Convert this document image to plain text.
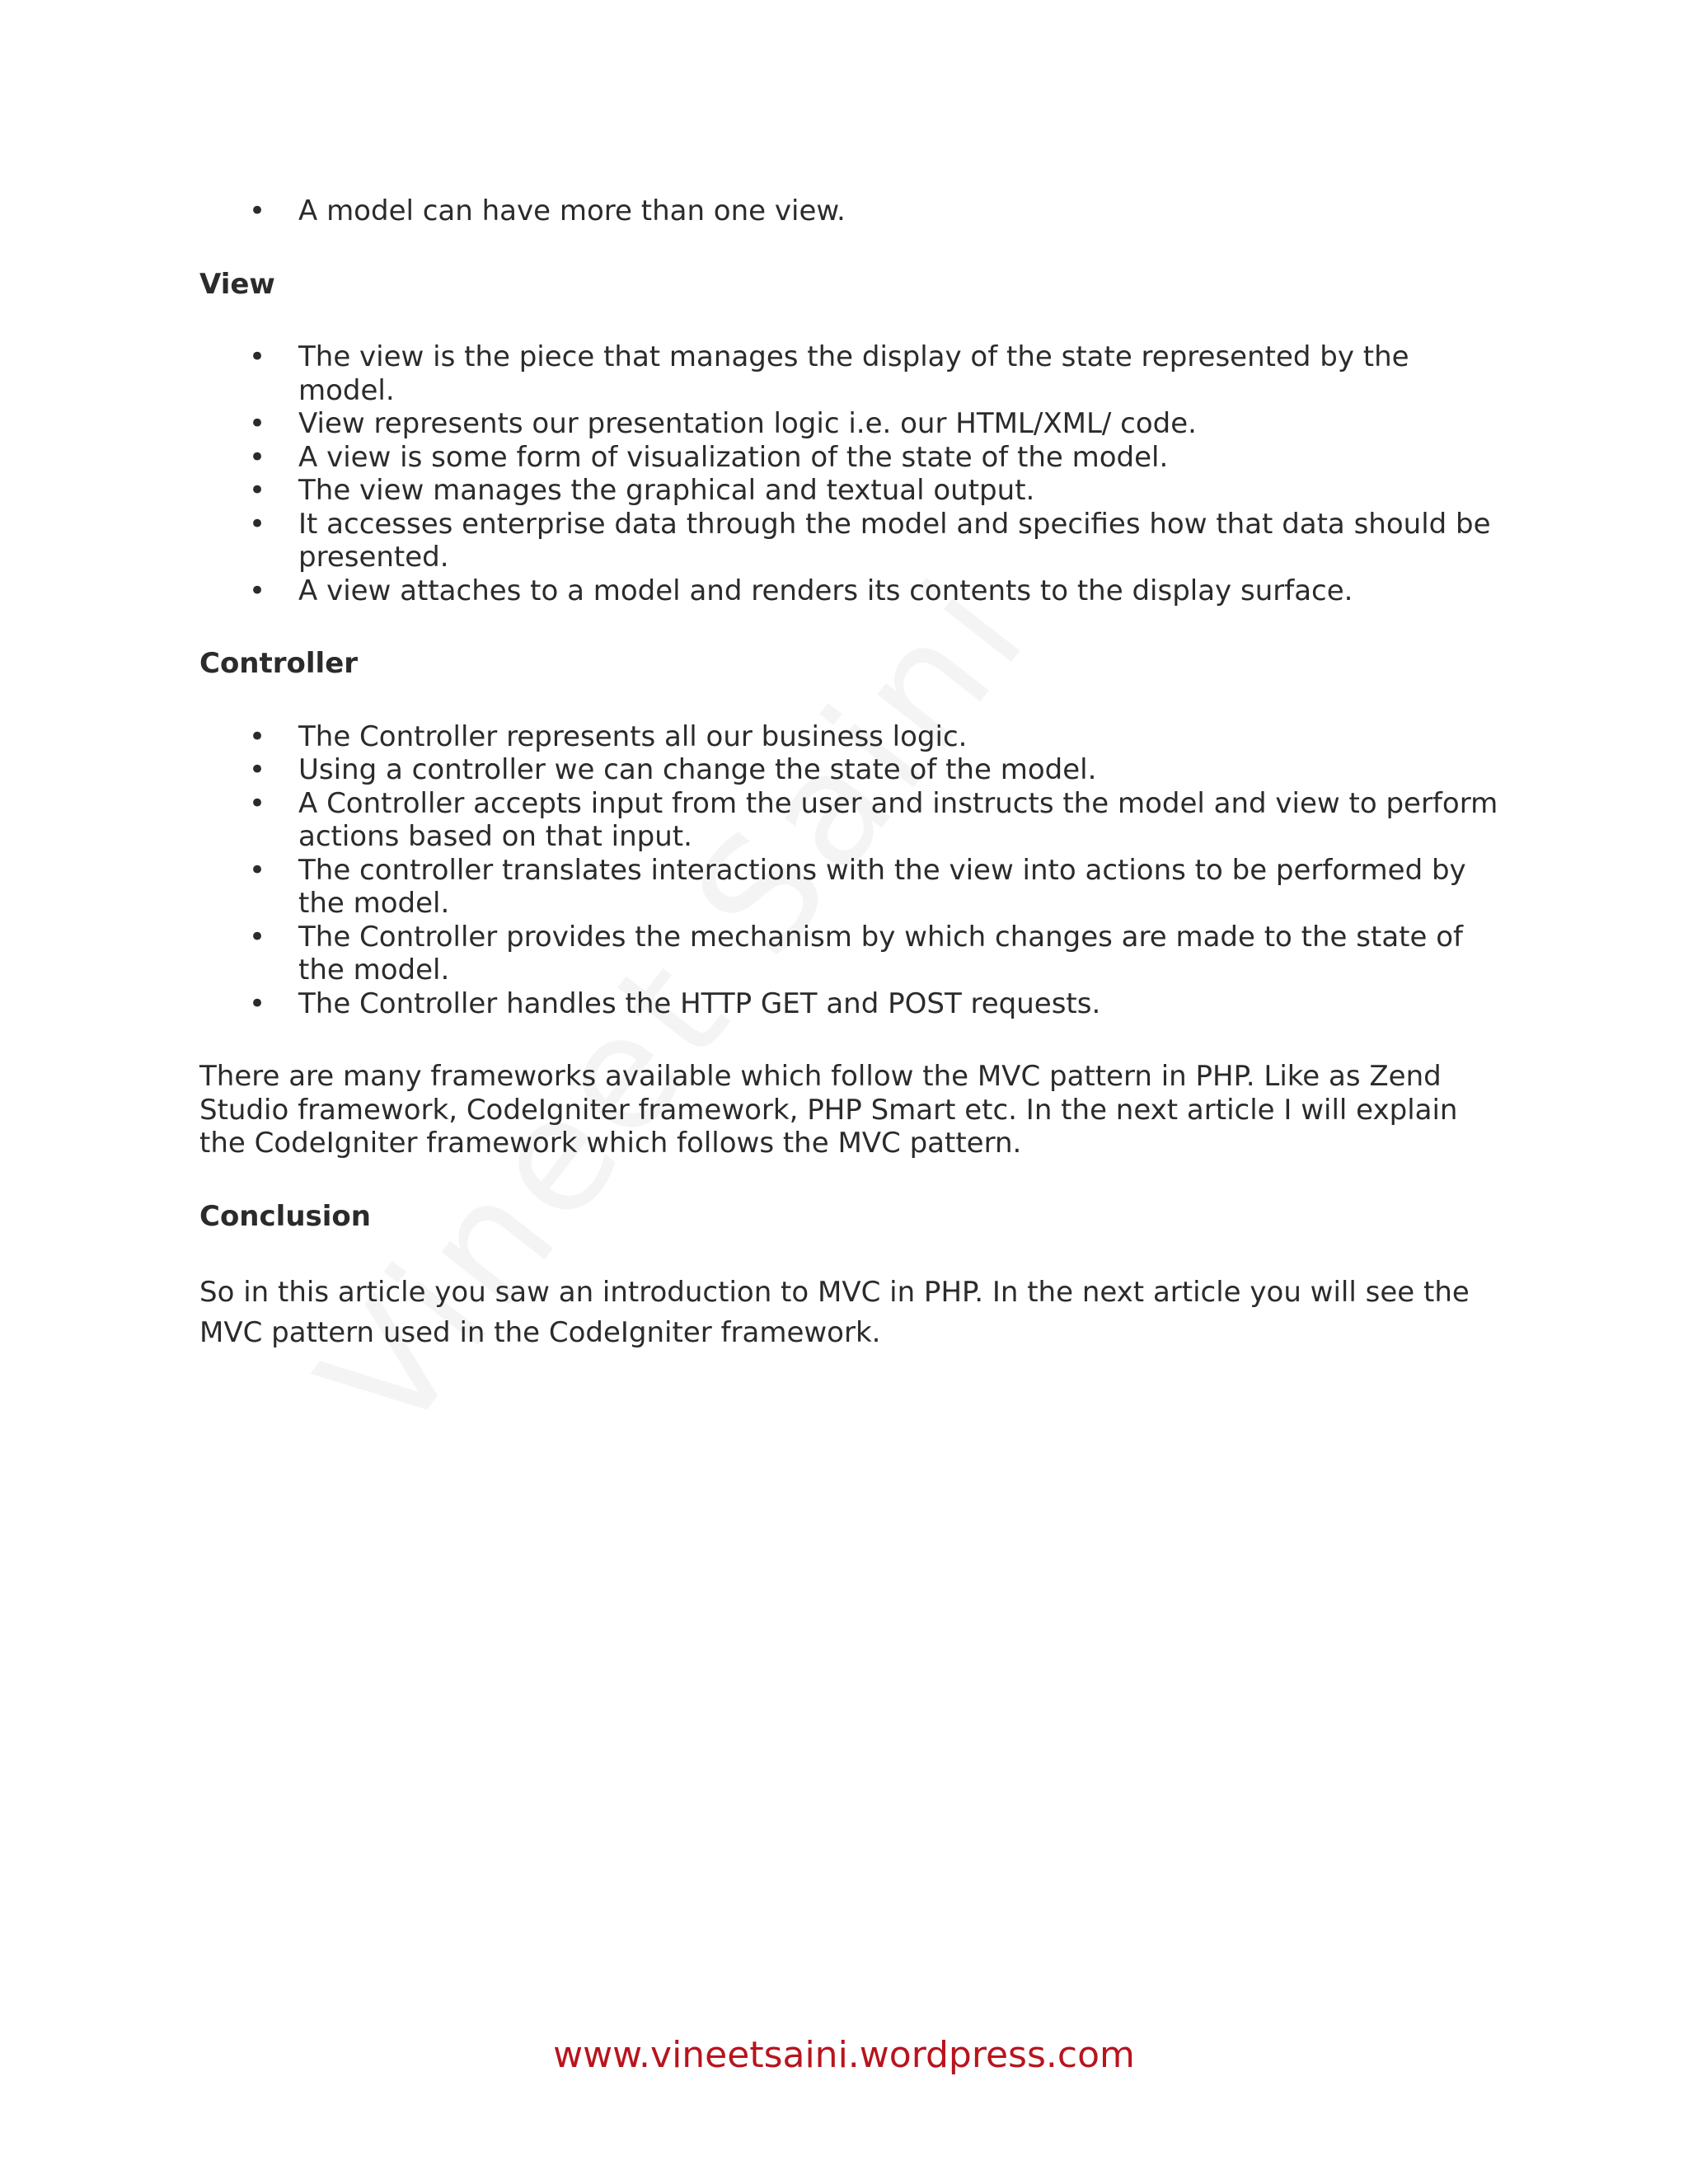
•	A model can have more than one view.
View
•	The view is the piece that manages the display of the state represented by the model.
•	View represents our presentation logic i.e. our HTML/XML/ code.
•	A view is some form of visualization of the state of the model.
•	The view manages the graphical and textual output.
•	It accesses enterprise data through the model and specifies how that data should be presented.
•	A view attaches to a model and renders its contents to the display surface.
Controller
•	The Controller represents all our business logic.
•	Using a controller we can change the state of the model.
•	A Controller accepts input from the user and instructs the model and view to perform actions based on that input.
•	The controller translates interactions with the view into actions to be performed by the model.
•	The Controller provides the mechanism by which changes are made to the state of the model.
•	The Controller handles the HTTP GET and POST requests.

There are many frameworks available which follow the MVC pattern in PHP. Like as Zend Studio framework, CodeIgniter framework, PHP Smart etc. In the next article I will explain the CodeIgniter framework which follows the MVC pattern.

Conclusion

So in this article you saw an introduction to MVC in PHP. In the next article you will see the MVC pattern used in the CodeIgniter framework.

www.vineetsaini.wordpress.com
